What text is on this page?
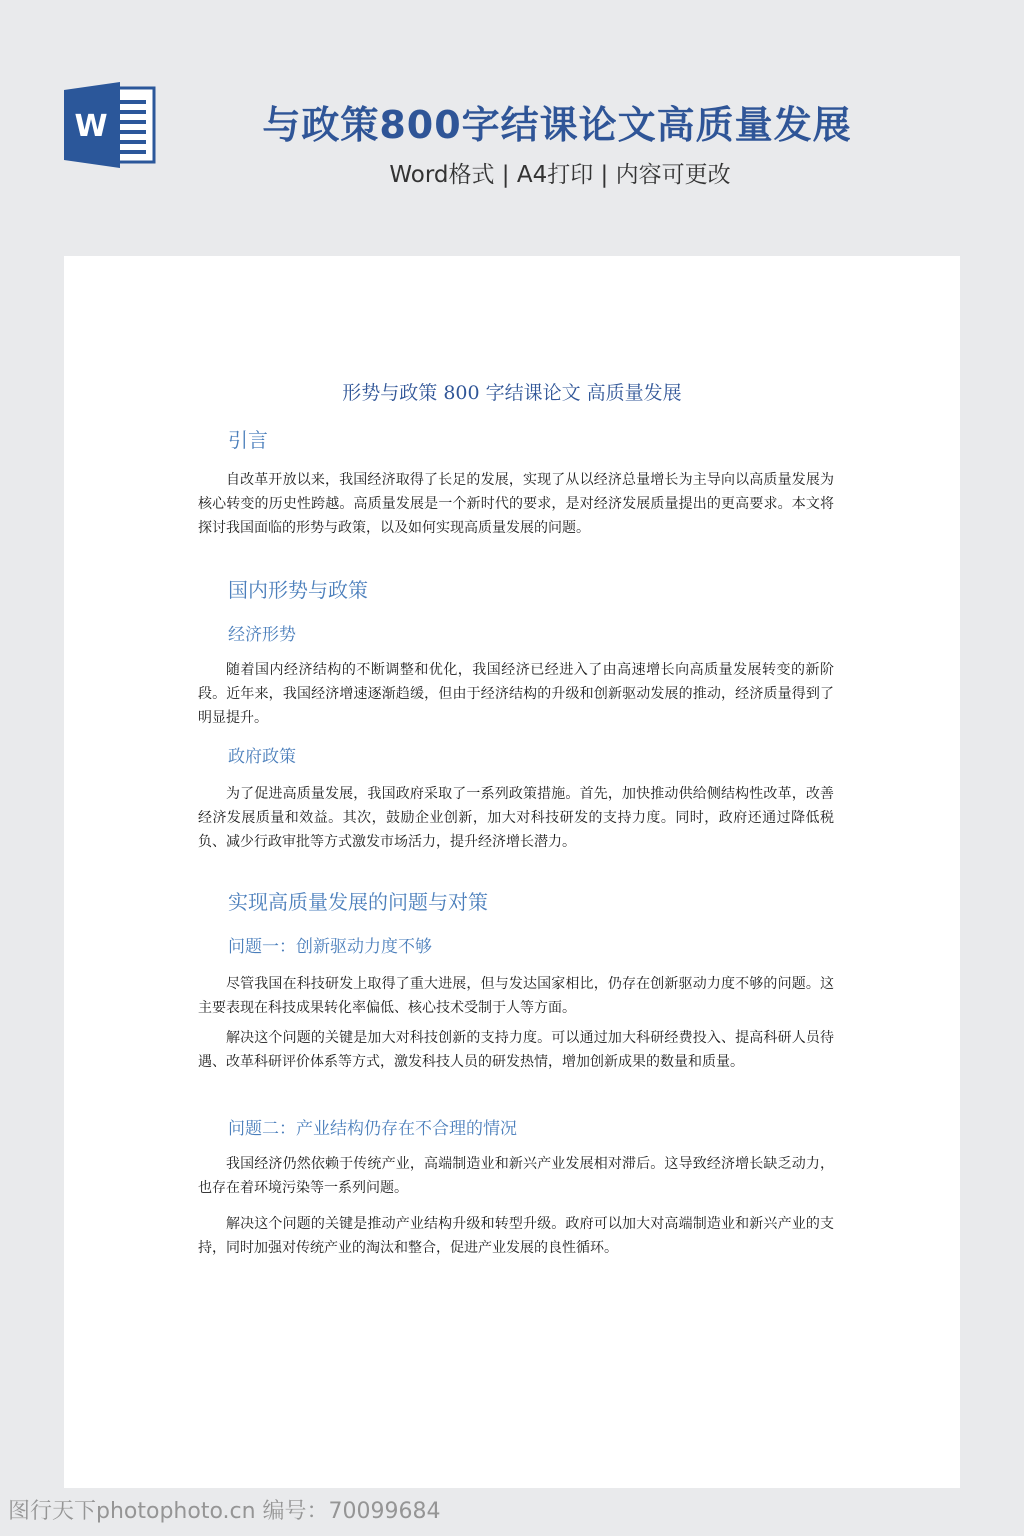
W	与政策800字结课论文高质量发展
Word格式 | A4打印 | 内容可更改
形势与政策 800 字结课论文 高质量发展
引言

自改革开放以来，我国经济取得了长足的发展，实现了从以经济总量增长为主导向以高质量发展为核心转变的历史性跨越。高质量发展是一个新时代的要求，是对经济发展质量提出的更高要求。本文将探讨我国面临的形势与政策，以及如何实现高质量发展的问题。

国内形势与政策
经济形势

随着国内经济结构的不断调整和优化，我国经济已经进入了由高速增长向高质量发展转变的新阶段。近年来，我国经济增速逐渐趋缓，但由于经济结构的升级和创新驱动发展的推动，经济质量得到了明显提升。

政府政策

为了促进高质量发展，我国政府采取了一系列政策措施。首先，加快推动供给侧结构性改革，改善经济发展质量和效益。其次，鼓励企业创新，加大对科技研发的支持力度。同时，政府还通过降低税负、减少行政审批等方式激发市场活力，提升经济增长潜力。

实现高质量发展的问题与对策
问题一：创新驱动力度不够

尽管我国在科技研发上取得了重大进展，但与发达国家相比，仍存在创新驱动力度不够的问题。这主要表现在科技成果转化率偏低、核心技术受制于人等方面。

解决这个问题的关键是加大对科技创新的支持力度。可以通过加大科研经费投入、提高科研人员待遇、改革科研评价体系等方式，激发科技人员的研发热情，增加创新成果的数量和质量。

问题二：产业结构仍存在不合理的情况

我国经济仍然依赖于传统产业，高端制造业和新兴产业发展相对滞后。这导致经济增长缺乏动力，也存在着环境污染等一系列问题。

解决这个问题的关键是推动产业结构升级和转型升级。政府可以加大对高端制造业和新兴产业的支持，同时加强对传统产业的淘汰和整合，促进产业发展的良性循环。

图行天下photophoto.cn 编号：70099684
